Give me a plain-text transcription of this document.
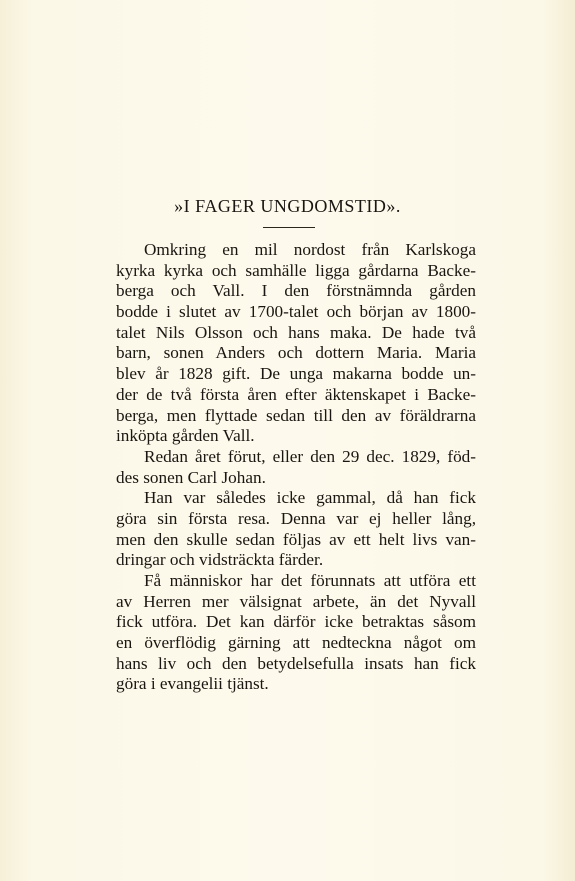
»I FAGER UNGDOMSTID».
Omkring en mil nordost från Karlskoga
kyrka kyrka och samhälle ligga gårdarna Backe-
berga och Vall. I den förstnämnda gården
bodde i slutet av 1700-talet och början av 1800-
talet Nils Olsson och hans maka. De hade två
barn, sonen Anders och dottern Maria. Maria
blev år 1828 gift. De unga makarna bodde un-
der de två första åren efter äktenskapet i Backe-
berga, men flyttade sedan till den av föräldrarna
inköpta gården Vall.
Redan året förut, eller den 29 dec. 1829, föd-
des sonen Carl Johan.
Han var således icke gammal, då han fick
göra sin första resa. Denna var ej heller lång,
men den skulle sedan följas av ett helt livs van-
dringar och vidsträckta färder.
Få människor har det förunnats att utföra ett
av Herren mer välsignat arbete, än det Nyvall
fick utföra. Det kan därför icke betraktas såsom
en överflödig gärning att nedteckna något om
hans liv och den betydelsefulla insats han fick
göra i evangelii tjänst.
